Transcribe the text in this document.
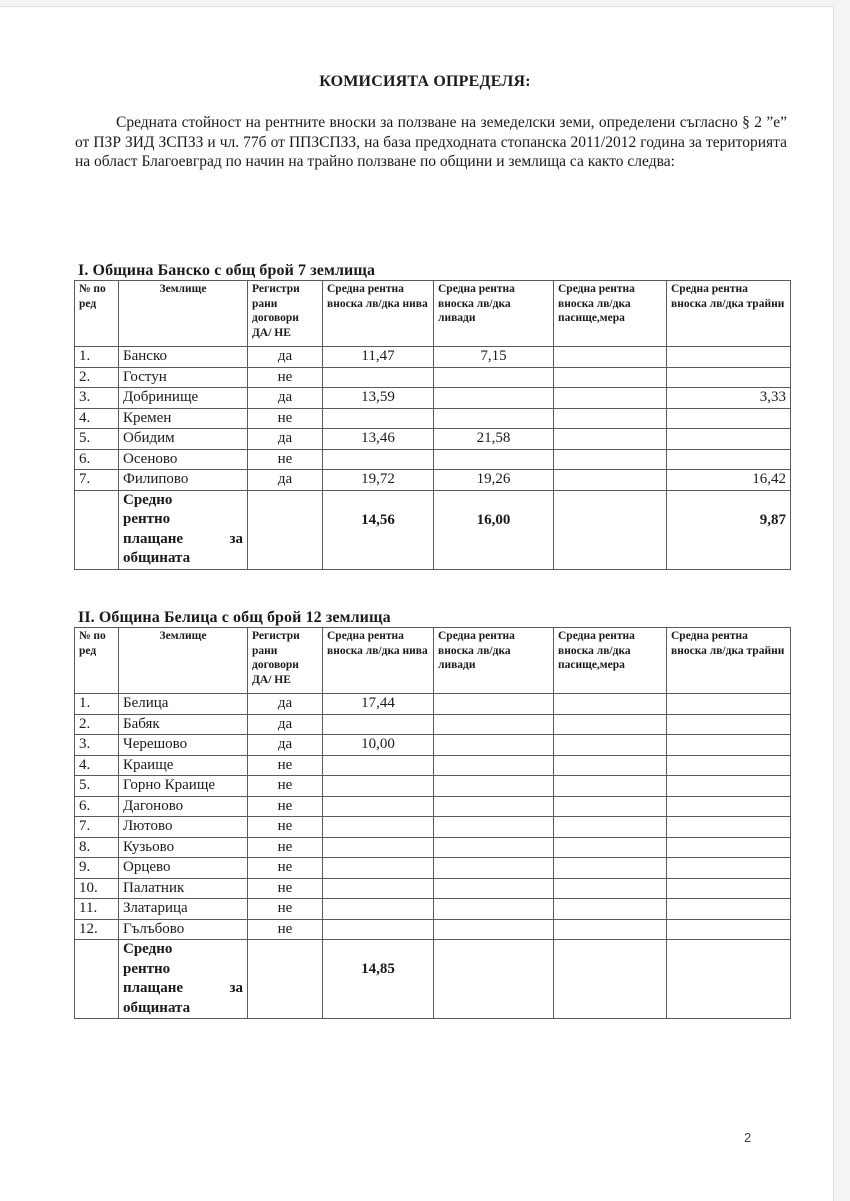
КОМИСИЯТА ОПРЕДЕЛЯ:

Средната стойност на рентните вноски за ползване на земеделски земи, определени съгласно § 2 ”е” от ПЗР ЗИД ЗСПЗЗ и чл. 77б от ППЗСПЗЗ, на база предходната стопанска 2011/2012 година за територията на област Благоевград по начин на трайно ползване по общини и землища са както следва:

I. Община Банско с общ брой 7 землища
№ по ред	Землище	Регистри рани договори ДА/ НЕ	Средна рентна вноска лв/дка нива	Средна рентна вноска лв/дка ливади	Средна рентна вноска лв/дка пасище,мера	Средна рентна вноска лв/дка трайни
1.	Банско	да	11,47	7,15		
2.	Гостун	не				
3.	Добринище	да	13,59			3,33
4.	Кремен	не				
5.	Обидим	да	13,46	21,58		
6.	Осеново	не				
7.	Филипово	да	19,72	19,26		16,42

	Средно
рентно
плащане за
общината		14,56	16,00		9,87
II. Община Белица с общ брой 12 землища
№ по ред	Землище	Регистри рани договори ДА/ НЕ	Средна рентна вноска лв/дка нива	Средна рентна вноска лв/дка ливади	Средна рентна вноска лв/дка пасище,мера	Средна рентна вноска лв/дка трайни
1.	Белица	да	17,44			
2.	Бабяк	да				
3.	Черешово	да	10,00			
4.	Краище	не				
5.	Горно Краище	не				
6.	Дагоново	не				
7.	Лютово	не				
8.	Кузьово	не				
9.	Орцево	не				
10.	Палатник	не				
11.	Златарица	не				
12.	Гълъбово	не				

	Средно
рентно
плащане за
общината		14,85			
2
